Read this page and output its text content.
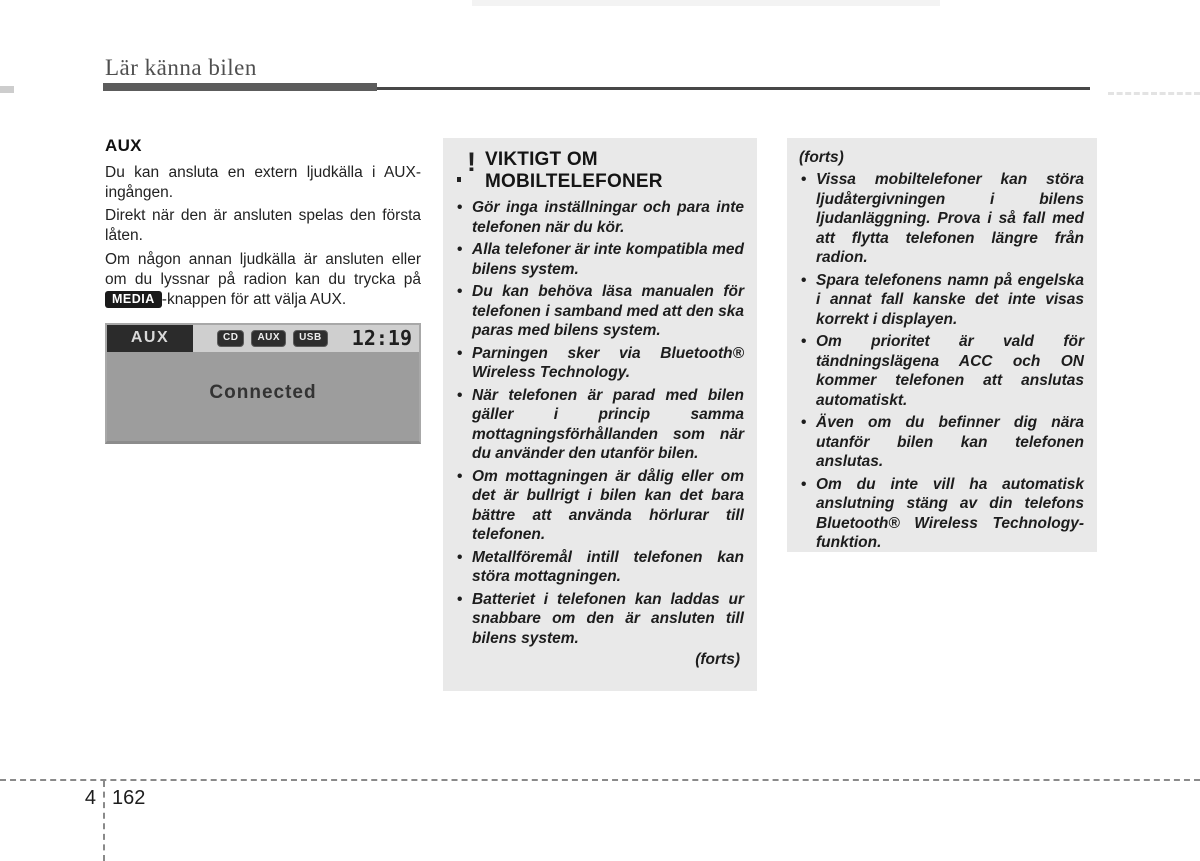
Lär känna bilen
AUX

Du kan ansluta en extern ljudkälla i AUX-ingången.

Direkt när den är ansluten spelas den första låten.

Om någon annan ljudkälla är ansluten eller om du lyssnar på radion kan du trycka på MEDIA -knappen för att välja AUX.

AUX	CD	AUX	USB	12:19
Connected
! VIKTIGT OM
MOBILTELEFONER
• Gör inga inställningar och para inte telefonen när du kör.
• Alla telefoner är inte kompatibla med bilens system.
• Du kan behöva läsa manualen för telefonen i samband med att den ska paras med bilens system.
• Parningen sker via Bluetooth® Wireless Technology.
• När telefonen är parad med bilen gäller i princip samma mottagningsförhållanden som när du använder den utanför bilen.
• Om mottagningen är dålig eller om det är bullrigt i bilen kan det bara bättre att använda hörlurar till telefonen.
• Metallföremål intill telefonen kan störa mottagningen.
• Batteriet i telefonen kan laddas ur snabbare om den är ansluten till bilens system.
(forts)
(forts)
• Vissa mobiltelefoner kan störa ljudåtergivningen i bilens ljudanläggning. Prova i så fall med att flytta telefonen längre från radion.
• Spara telefonens namn på engelska i annat fall kanske det inte visas korrekt i displayen.
• Om prioritet är vald för tändningslägena ACC och ON kommer telefonen att anslutas automatiskt.
• Även om du befinner dig nära utanför bilen kan telefonen anslutas.
• Om du inte vill ha automatisk anslutning stäng av din telefons Bluetooth® Wireless Technology-funktion.
4 162
